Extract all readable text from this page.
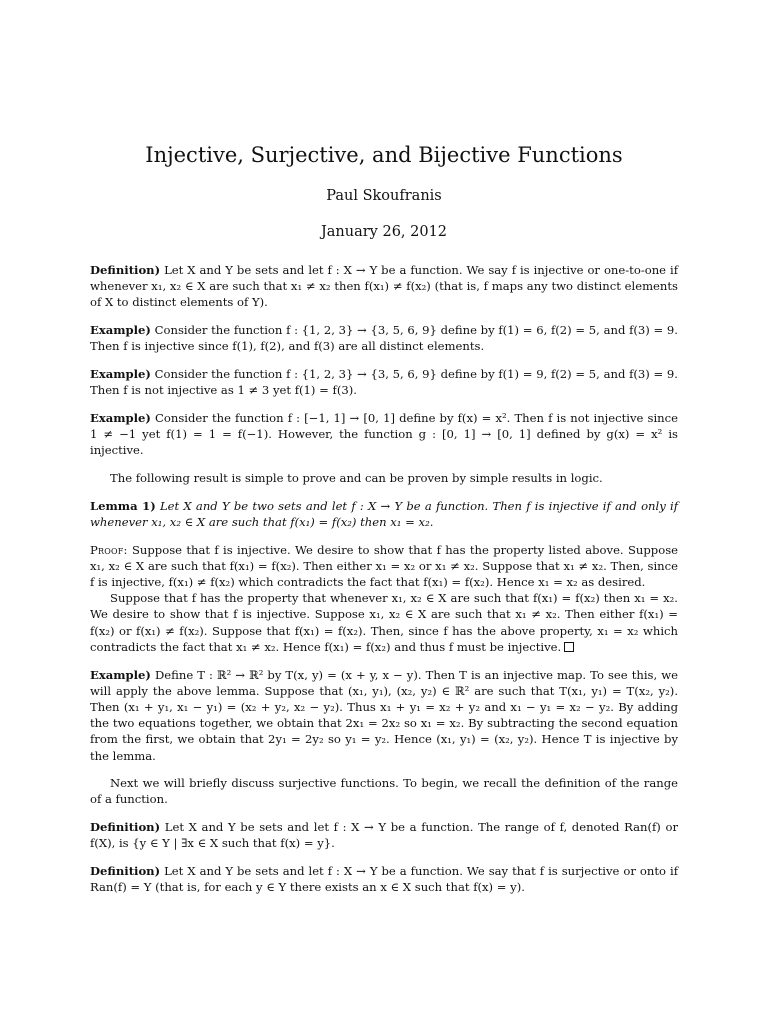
Injective, Surjective, and Bijective Functions
Paul Skoufranis
January 26, 2012

Definition) Let X and Y be sets and let f : X → Y be a function. We say f is injective or one-to-one if whenever x₁, x₂ ∈ X are such that x₁ ≠ x₂ then f(x₁) ≠ f(x₂) (that is, f maps any two distinct elements of X to distinct elements of Y).

Example) Consider the function f : {1, 2, 3} → {3, 5, 6, 9} define by f(1) = 6, f(2) = 5, and f(3) = 9. Then f is injective since f(1), f(2), and f(3) are all distinct elements.

Example) Consider the function f : {1, 2, 3} → {3, 5, 6, 9} define by f(1) = 9, f(2) = 5, and f(3) = 9. Then f is not injective as 1 ≠ 3 yet f(1) = f(3).

Example) Consider the function f : [−1, 1] → [0, 1] define by f(x) = x². Then f is not injective since 1 ≠ −1 yet f(1) = 1 = f(−1). However, the function g : [0, 1] → [0, 1] defined by g(x) = x² is injective.

The following result is simple to prove and can be proven by simple results in logic.

Lemma 1) Let X and Y be two sets and let f : X → Y be a function. Then f is injective if and only if whenever x₁, x₂ ∈ X are such that f(x₁) = f(x₂) then x₁ = x₂.

Proof: Suppose that f is injective. We desire to show that f has the property listed above. Suppose x₁, x₂ ∈ X are such that f(x₁) = f(x₂). Then either x₁ = x₂ or x₁ ≠ x₂. Suppose that x₁ ≠ x₂. Then, since f is injective, f(x₁) ≠ f(x₂) which contradicts the fact that f(x₁) = f(x₂). Hence x₁ = x₂ as desired.

Suppose that f has the property that whenever x₁, x₂ ∈ X are such that f(x₁) = f(x₂) then x₁ = x₂. We desire to show that f is injective. Suppose x₁, x₂ ∈ X are such that x₁ ≠ x₂. Then either f(x₁) = f(x₂) or f(x₁) ≠ f(x₂). Suppose that f(x₁) = f(x₂). Then, since f has the above property, x₁ = x₂ which contradicts the fact that x₁ ≠ x₂. Hence f(x₁) = f(x₂) and thus f must be injective.

Example) Define T : ℝ² → ℝ² by T(x, y) = (x + y, x − y). Then T is an injective map. To see this, we will apply the above lemma. Suppose that (x₁, y₁), (x₂, y₂) ∈ ℝ² are such that T(x₁, y₁) = T(x₂, y₂). Then (x₁ + y₁, x₁ − y₁) = (x₂ + y₂, x₂ − y₂). Thus x₁ + y₁ = x₂ + y₂ and x₁ − y₁ = x₂ − y₂. By adding the two equations together, we obtain that 2x₁ = 2x₂ so x₁ = x₂. By subtracting the second equation from the first, we obtain that 2y₁ = 2y₂ so y₁ = y₂. Hence (x₁, y₁) = (x₂, y₂). Hence T is injective by the lemma.

Next we will briefly discuss surjective functions. To begin, we recall the definition of the range of a function.

Definition) Let X and Y be sets and let f : X → Y be a function. The range of f, denoted Ran(f) or f(X), is {y ∈ Y | ∃x ∈ X such that f(x) = y}.

Definition) Let X and Y be sets and let f : X → Y be a function. We say that f is surjective or onto if Ran(f) = Y (that is, for each y ∈ Y there exists an x ∈ X such that f(x) = y).
